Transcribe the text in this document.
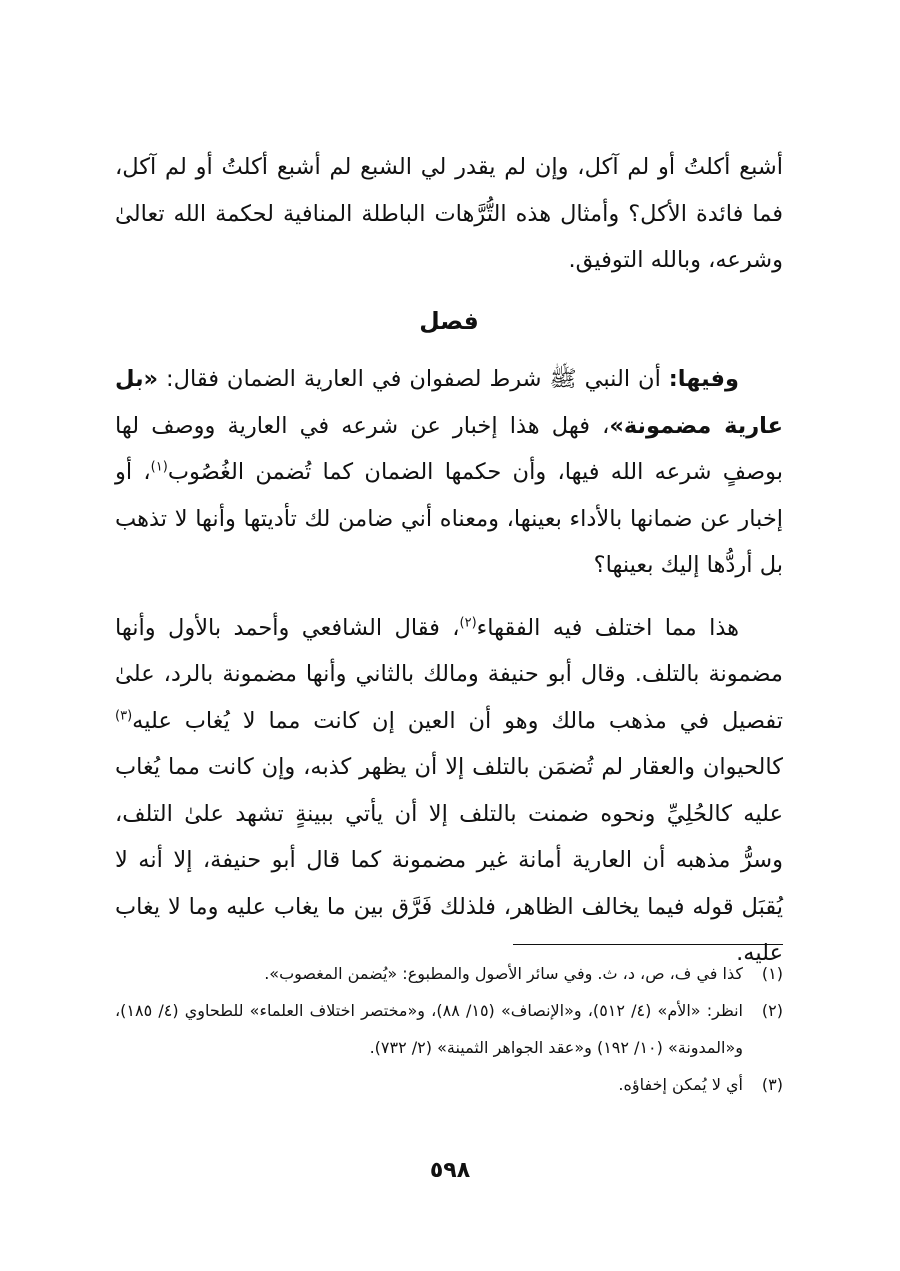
أشبع أكلتُ أو لم آكل، وإن لم يقدر لي الشبع لم أشبع أكلتُ أو لم آكل، فما فائدة الأكل؟ وأمثال هذه التُّرَّهات الباطلة المنافية لحكمة الله تعالىٰ وشرعه، وبالله التوفيق.

فصل

وفيها: أن النبي ﷺ شرط لصفوان في العارية الضمان فقال: «بل عارية مضمونة»، فهل هذا إخبار عن شرعه في العارية ووصف لها بوصفٍ شرعه الله فيها، وأن حكمها الضمان كما تُضمن الغُصُوب$^{(١)}$، أو إخبار عن ضمانها بالأداء بعينها، ومعناه أني ضامن لك تأديتها وأنها لا تذهب بل أردُّها إليك بعينها؟

هذا مما اختلف فيه الفقهاء$^{(٢)}$، فقال الشافعي وأحمد بالأول وأنها مضمونة بالتلف. وقال أبو حنيفة ومالك بالثاني وأنها مضمونة بالرد، علىٰ تفصيل في مذهب مالك وهو أن العين إن كانت مما لا يُغاب عليه$^{(٣)}$ كالحيوان والعقار لم تُضمَن بالتلف إلا أن يظهر كذبه، وإن كانت مما يُغاب عليه كالحُلِيِّ ونحوه ضمنت بالتلف إلا أن يأتي ببينةٍ تشهد علىٰ التلف، وسرُّ مذهبه أن العارية أمانة غير مضمونة كما قال أبو حنيفة، إلا أنه لا يُقبَل قوله فيما يخالف الظاهر، فلذلك فَرَّق بين ما يغاب عليه وما لا يغاب عليه.

(١)
كذا في ف، ص، د، ث. وفي سائر الأصول والمطبوع: «يُضمن المغصوب».
(٢)
انظر: «الأم» (٤/ ٥١٢)، و«الإنصاف» (١٥/ ٨٨)، و«مختصر اختلاف العلماء» للطحاوي (٤/ ١٨٥)، و«المدونة» (١٠/ ١٩٢) و«عقد الجواهر الثمينة» (٢/ ٧٣٢).
(٣)
أي لا يُمكن إخفاؤه.
٥٩٨
